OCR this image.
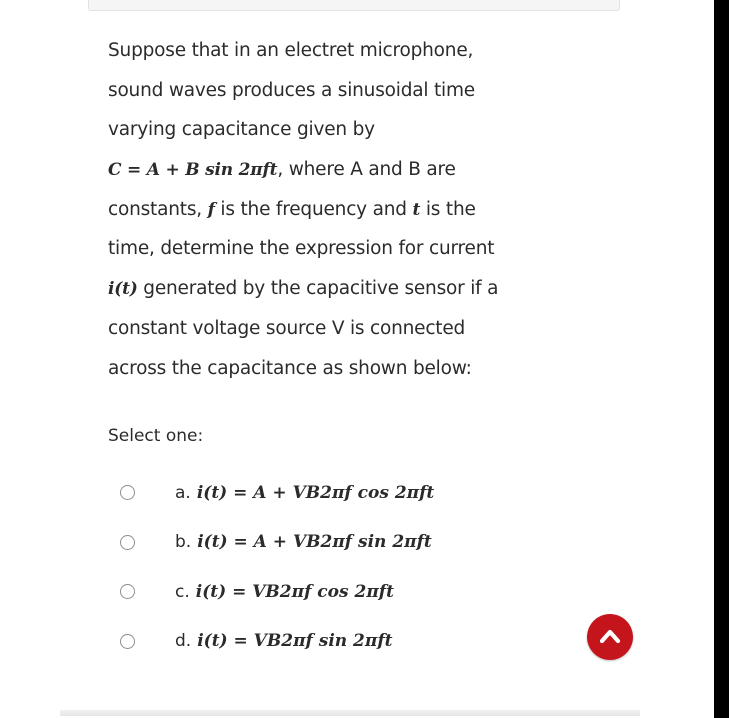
Suppose that in an electret microphone,
sound waves produces a sinusoidal time
varying capacitance given by
C = A + B sin 2πft, where A and B are
constants, f is the frequency and t is the
time, determine the expression for current
i(t) generated by the capacitive sensor if a
constant voltage source V is connected
across the capacitance as shown below:
Select one:
a. i(t) = A + VB2πf cos 2πft
b. i(t) = A + VB2πf sin 2πft
c. i(t) = VB2πf cos 2πft
d. i(t) = VB2πf sin 2πft
